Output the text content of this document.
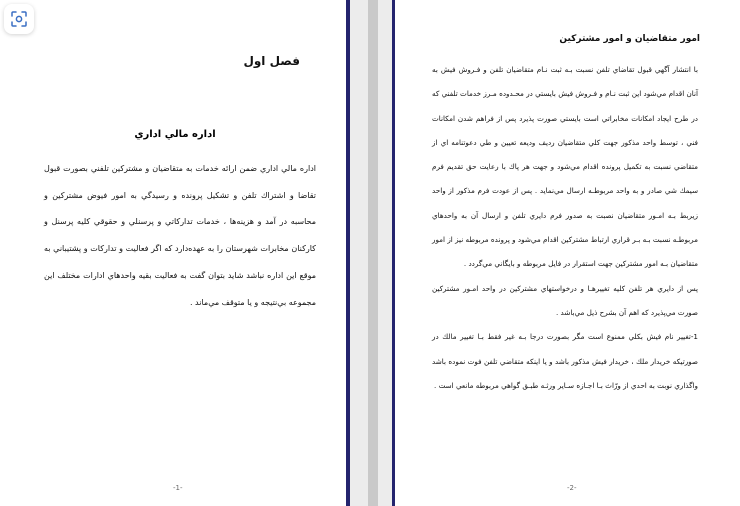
فصل اول
اداره مالي اداري

اداره مالي اداري ضمن ارائه خدمات به متقاضيان و مشتركين تلفني بصورت قبول تقاضا و اشتراك تلفن و تشكيل پرونده و رسيدگي به امور فيوض مشتركين و محاسبه در آمد و هزينه‌ها ، خدمات تداركاتي و پرسنلي و حقوقي كليه پرسنل و كاركنان مخابرات شهرستان را به عهده‌دارد كه اگر فعاليت و تداركات و پشتيباني به موقع اين اداره نباشد شايد بتوان گفت به فعاليت بقيه واحدهاي ادارات مختلف اين مجموعه بي‌نتيجه و يا متوقف مي‌ماند .

-1-
امور متقاضيان و امور مشتركين

با انتشار آگهي قبول تقاضاي تلفن نسبت بـه ثبت نـام متقاضيان تلفن و فـروش فيش به آنان اقدام مي‌شود اين ثبت نـام و فـروش فيش بايستي در محـدوده مـرز خدمات تلفني كه در طرح ايجاد امكانات مخابراتي است بايستي صورت پذيرد پس از فراهم شدن امكانات فني ، توسط واحد مذكور جهت كلي متقاضيان رديف وديعه تعيين و طي دعوتنامه اي از متقاضي نسبت به تكميل پرونده اقدام مي‌شود و جهت هر پاك با رعايت حق تقديم فرم سيمك شي صادر و به واحد مربوطـه ارسال مي‌نمايد . پس از عودت فرم مذكور از واحد زيربط بـه امـور متقاضيان نصبت به صدور فرم دايري تلفن و ارسال آن به واحدهاي مربوطـه نسبت بـه بـر قراري ارتباط مشتركين اقدام مي‌شود و پرونده مربوطه نيز از امور متقاضيان بـه امور مشتركين جهت استقرار در فايل مربوطه و بايگاني مي‌گردد .

پس از دايري هر تلفن كليه تغييرهـا و درخواستهاي مشتركين در واحد امـور مشتركين صورت مي‌پذيرد كه اهم آن بشرح ذيل مي‌باشد .

1-تغيير نام فيش بكلي ممنوع است مگر بصورت درجا بـه غير فقط بـا تغيير مالك در صورتيكه خريدار ملك ، خريدار فيش مذكور باشد و يا اينكه متقاضي تلفن فوت نموده باشد واگذاري نوبت به احدي از ورّاث بـا اجـازه سـاير ورثـه طبـق گواهي مربوطه مانعي است .

-2-
